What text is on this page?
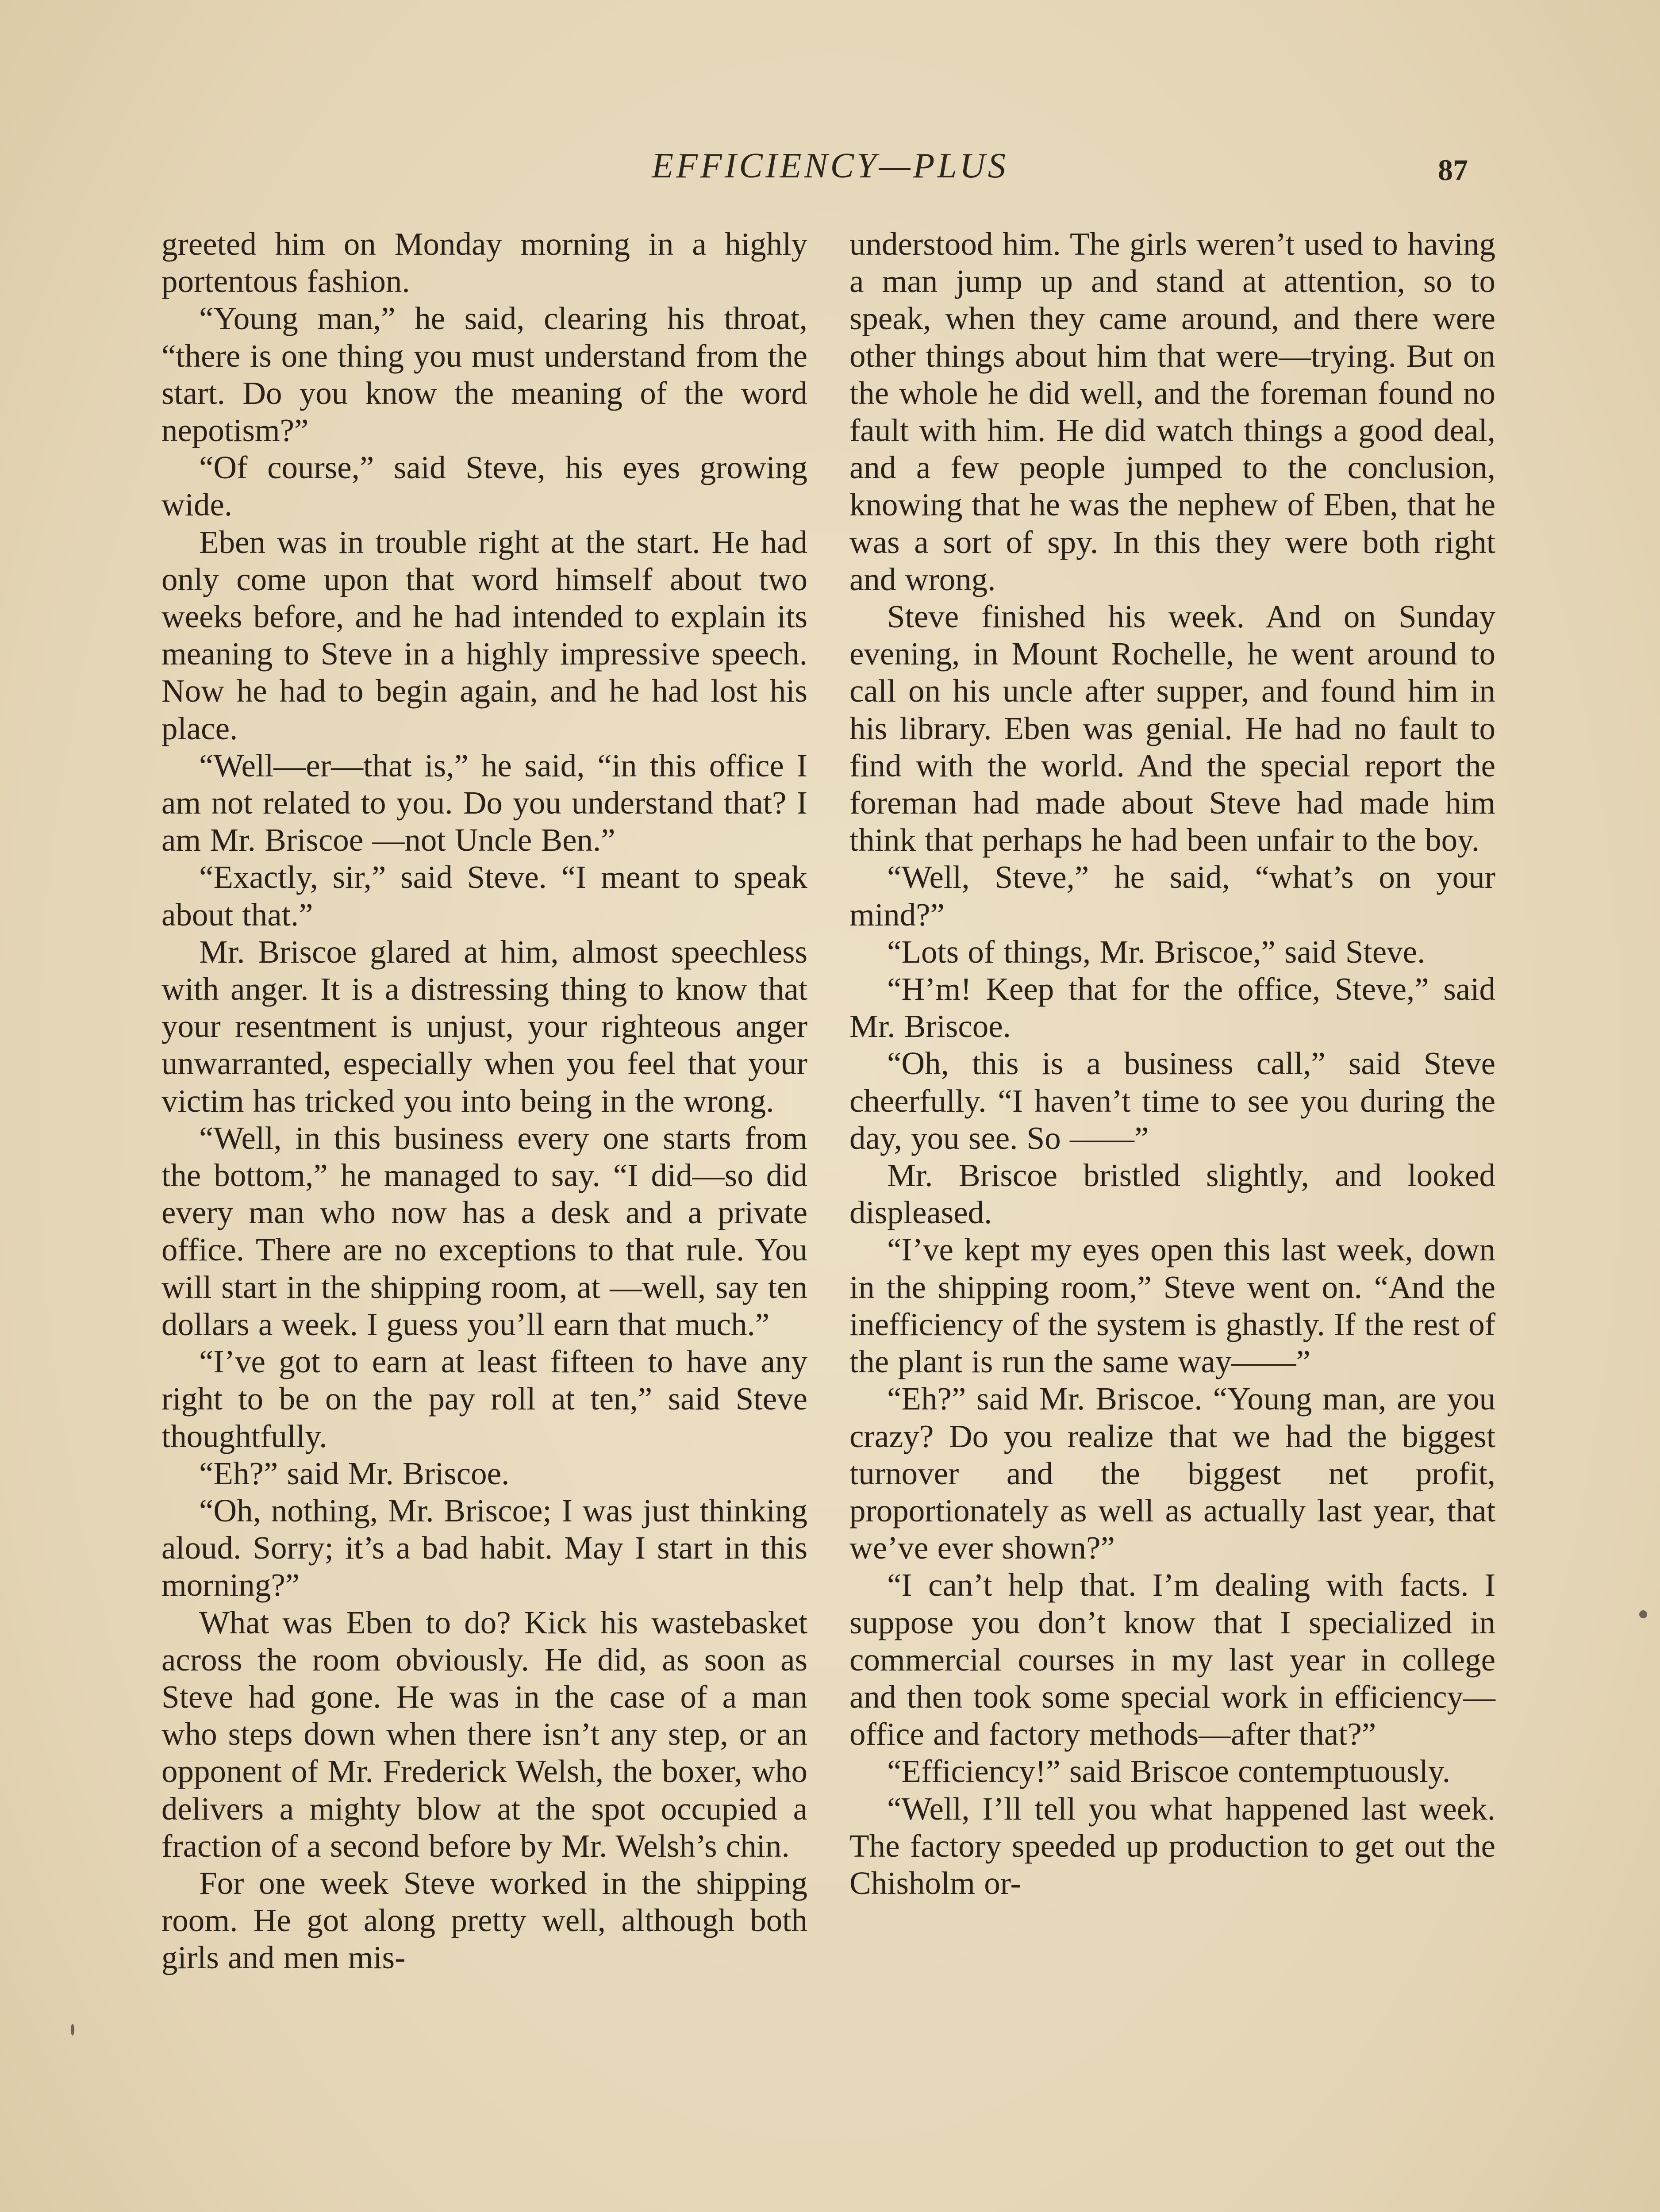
EFFICIENCY—PLUS	87

greeted him on Monday morning in a highly portentous fashion.

“Young man,” he said, clearing his throat, “there is one thing you must understand from the start. Do you know the meaning of the word nepotism?”

“Of course,” said Steve, his eyes growing wide.

Eben was in trouble right at the start. He had only come upon that word himself about two weeks before, and he had intended to explain its meaning to Steve in a highly impressive speech. Now he had to begin again, and he had lost his place.

“Well—er—that is,” he said, “in this office I am not related to you. Do you understand that? I am Mr. Briscoe —not Uncle Ben.”

“Exactly, sir,” said Steve. “I meant to speak about that.”

Mr. Briscoe glared at him, almost speechless with anger. It is a distressing thing to know that your resentment is unjust, your righteous anger unwarranted, especially when you feel that your victim has tricked you into being in the wrong.

“Well, in this business every one starts from the bottom,” he managed to say. “I did—so did every man who now has a desk and a private office. There are no exceptions to that rule. You will start in the shipping room, at —well, say ten dollars a week. I guess you’ll earn that much.”

“I’ve got to earn at least fifteen to have any right to be on the pay roll at ten,” said Steve thoughtfully.

“Eh?” said Mr. Briscoe.

“Oh, nothing, Mr. Briscoe; I was just thinking aloud. Sorry; it’s a bad habit. May I start in this morning?”

What was Eben to do? Kick his wastebasket across the room obviously. He did, as soon as Steve had gone. He was in the case of a man who steps down when there isn’t any step, or an opponent of Mr. Frederick Welsh, the boxer, who delivers a mighty blow at the spot occupied a fraction of a second before by Mr. Welsh’s chin.

For one week Steve worked in the shipping room. He got along pretty well, although both girls and men mis-

understood him. The girls weren’t used to having a man jump up and stand at attention, so to speak, when they came around, and there were other things about him that were—trying. But on the whole he did well, and the foreman found no fault with him. He did watch things a good deal, and a few people jumped to the conclusion, knowing that he was the nephew of Eben, that he was a sort of spy. In this they were both right and wrong.

Steve finished his week. And on Sunday evening, in Mount Rochelle, he went around to call on his uncle after supper, and found him in his library. Eben was genial. He had no fault to find with the world. And the special report the foreman had made about Steve had made him think that perhaps he had been unfair to the boy.

“Well, Steve,” he said, “what’s on your mind?”

“Lots of things, Mr. Briscoe,” said Steve.

“H’m! Keep that for the office, Steve,” said Mr. Briscoe.

“Oh, this is a business call,” said Steve cheerfully. “I haven’t time to see you during the day, you see. So ——”

Mr. Briscoe bristled slightly, and looked displeased.

“I’ve kept my eyes open this last week, down in the shipping room,” Steve went on. “And the inefficiency of the system is ghastly. If the rest of the plant is run the same way——”

“Eh?” said Mr. Briscoe. “Young man, are you crazy? Do you realize that we had the biggest turnover and the biggest net profit, proportionately as well as actually last year, that we’ve ever shown?”

“I can’t help that. I’m dealing with facts. I suppose you don’t know that I specialized in commercial courses in my last year in college and then took some special work in efficiency—office and factory methods—after that?”

“Efficiency!” said Briscoe contemptuously.

“Well, I’ll tell you what happened last week. The factory speeded up production to get out the Chisholm or-
